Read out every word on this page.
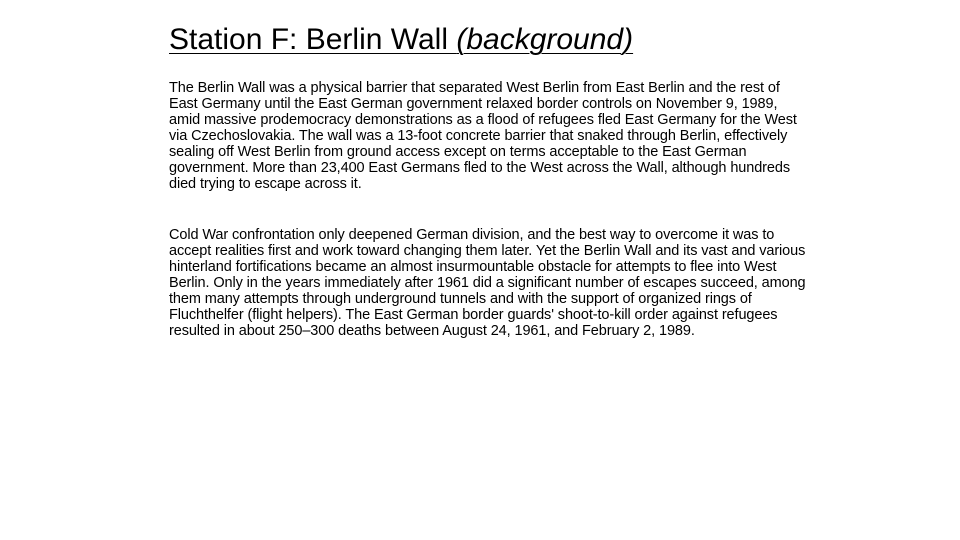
Station F: Berlin Wall (background)

The Berlin Wall was a physical barrier that separated West Berlin from East Berlin and the rest of East Germany until the East German government relaxed border controls on November 9, 1989, amid massive prodemocracy demonstrations as a flood of refugees fled East Germany for the West via Czechoslovakia. The wall was a 13-foot concrete barrier that snaked through Berlin, effectively sealing off West Berlin from ground access except on terms acceptable to the East German government. More than 23,400 East Germans fled to the West across the Wall, although hundreds died trying to escape across it.

Cold War confrontation only deepened German division, and the best way to overcome it was to accept realities first and work toward changing them later. Yet the Berlin Wall and its vast and various hinterland fortifications became an almost insurmountable obstacle for attempts to flee into West Berlin. Only in the years immediately after 1961 did a significant number of escapes succeed, among them many attempts through underground tunnels and with the support of organized rings of Fluchthelfer (flight helpers). The East German border guards' shoot-to-kill order against refugees resulted in about 250–300 deaths between August 24, 1961, and February 2, 1989.
